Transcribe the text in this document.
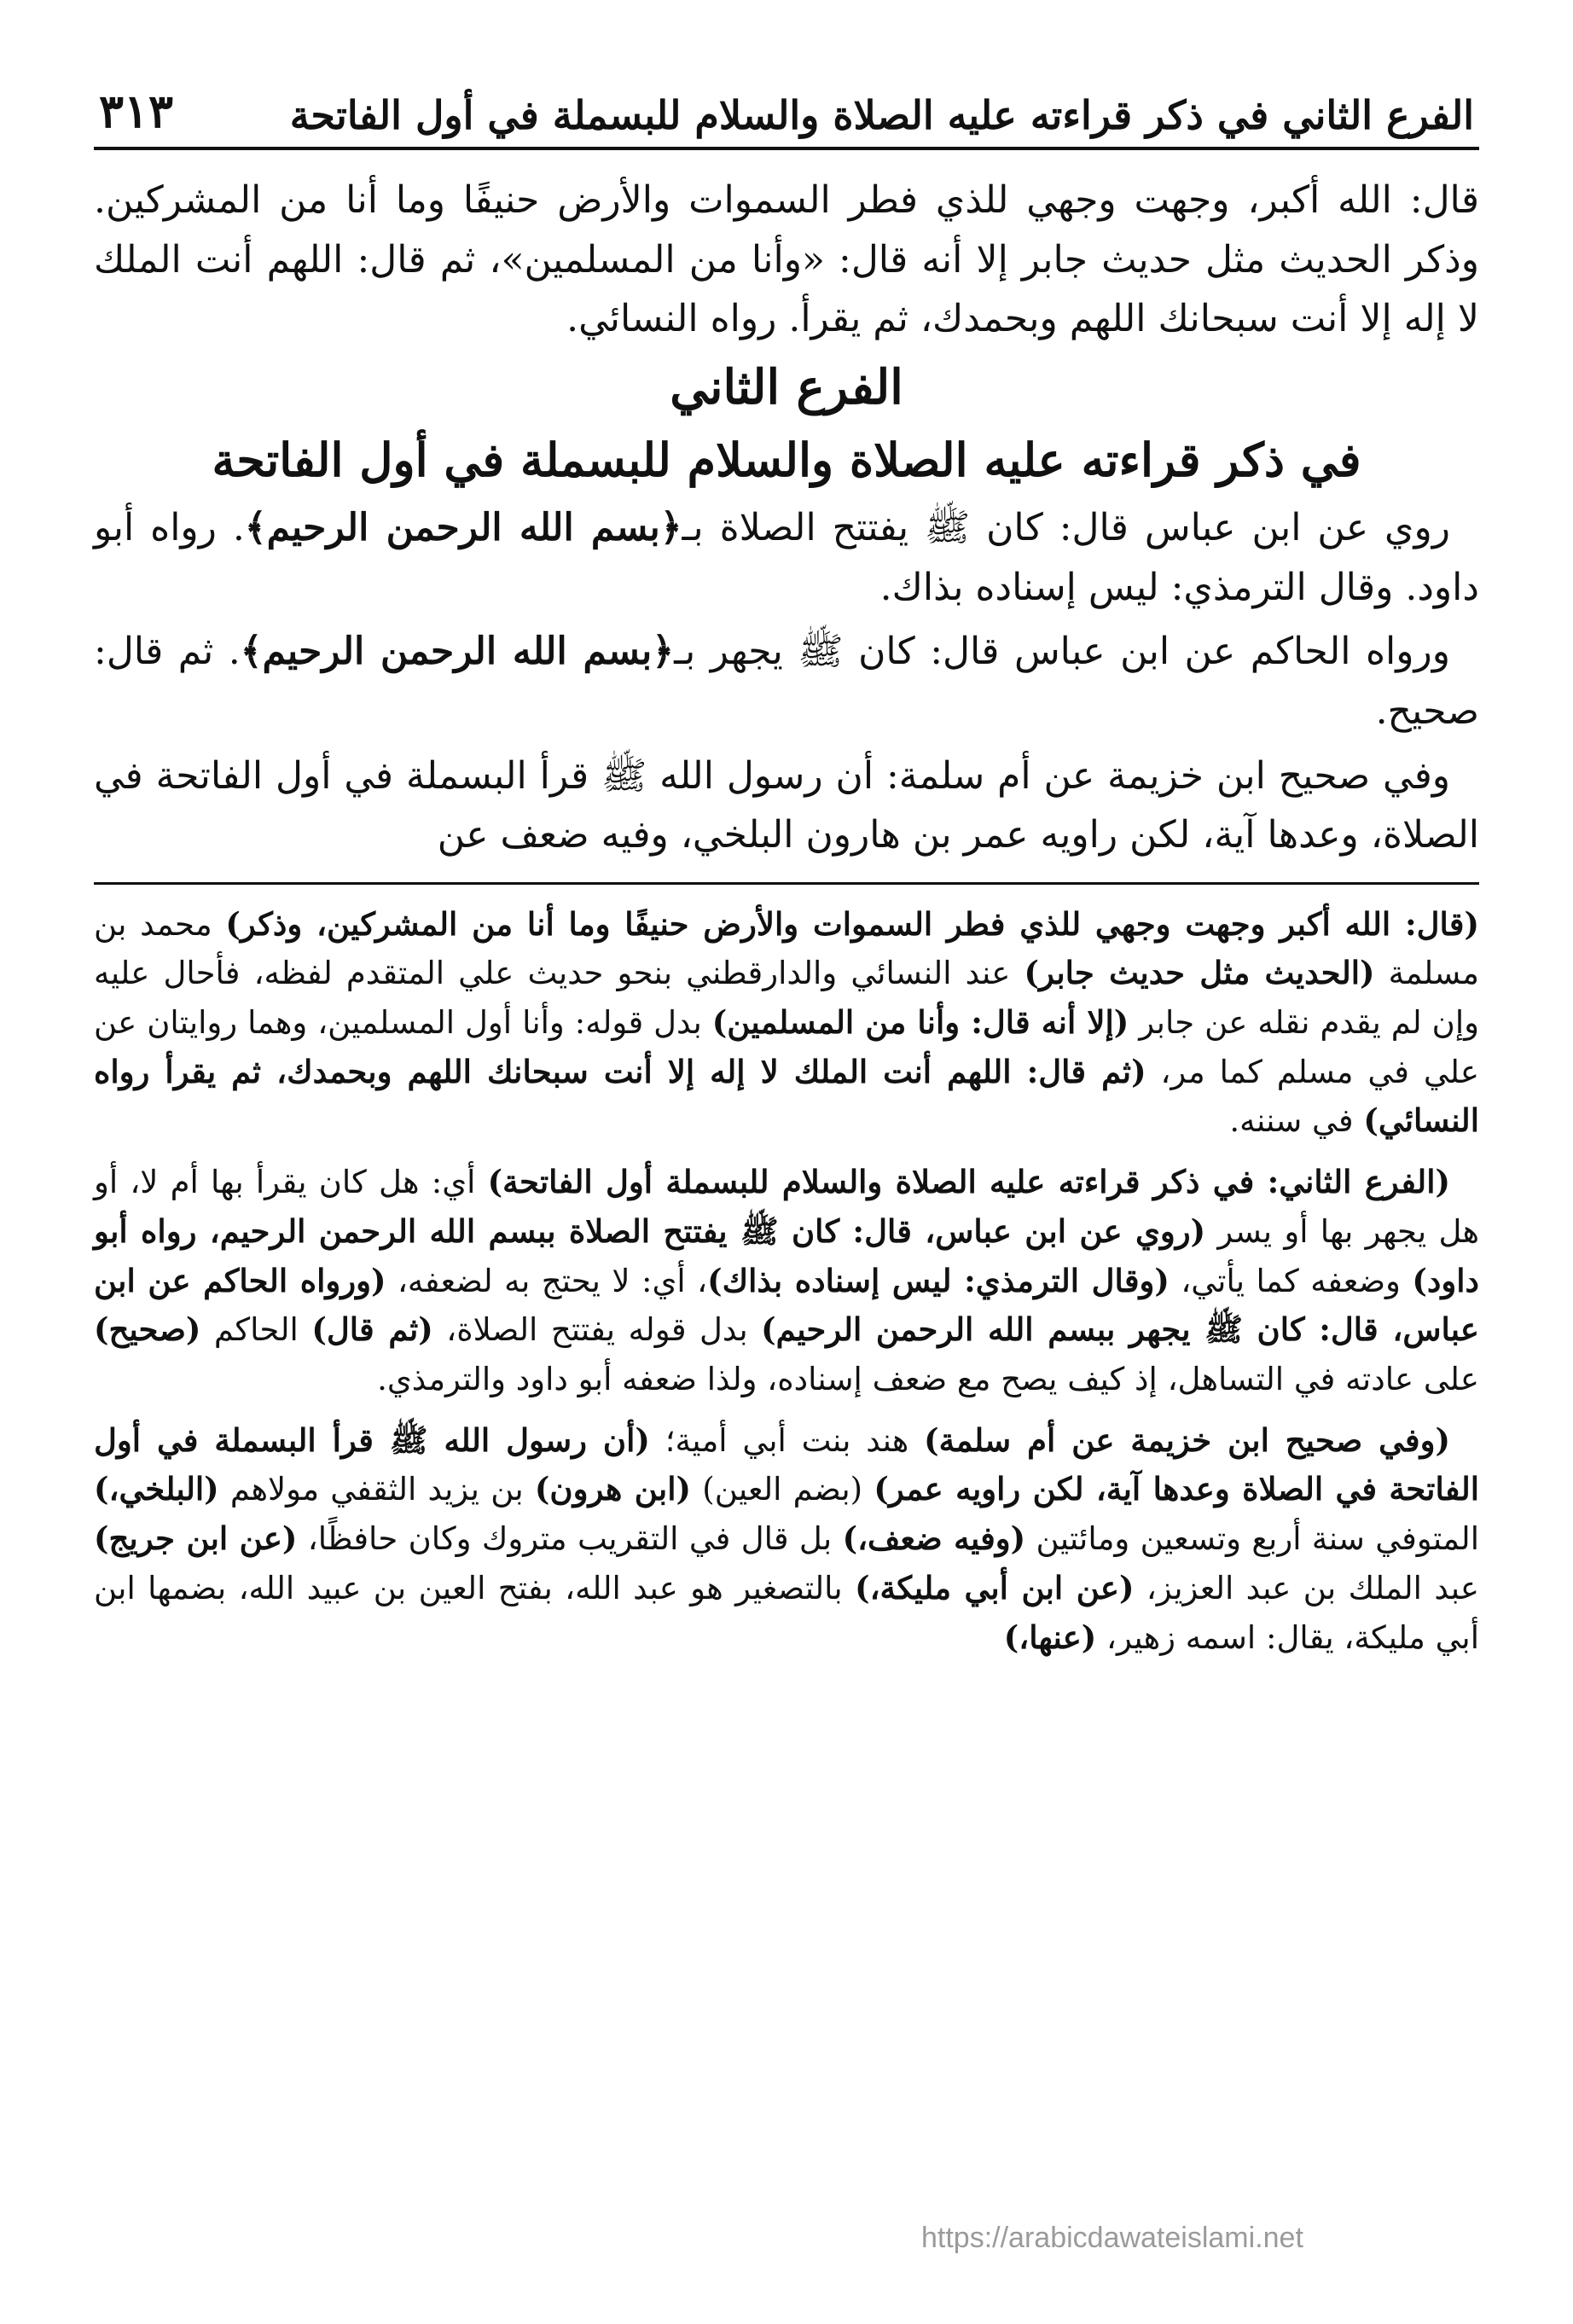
الفرع الثاني في ذكر قراءته عليه الصلاة والسلام للبسملة في أول الفاتحة
٣١٣

قال: الله أكبر، وجهت وجهي للذي فطر السموات والأرض حنيفًا وما أنا من المشركين. وذكر الحديث مثل حديث جابر إلا أنه قال: «وأنا من المسلمين»، ثم قال: اللهم أنت الملك لا إله إلا أنت سبحانك اللهم وبحمدك، ثم يقرأ. رواه النسائي.

الفرع الثاني
في ذكر قراءته عليه الصلاة والسلام للبسملة في أول الفاتحة

روي عن ابن عباس قال: كان ﷺ يفتتح الصلاة بـ﴿بسم الله الرحمن الرحيم﴾. رواه أبو داود. وقال الترمذي: ليس إسناده بذاك.

ورواه الحاكم عن ابن عباس قال: كان ﷺ يجهر بـ﴿بسم الله الرحمن الرحيم﴾. ثم قال: صحيح.

وفي صحيح ابن خزيمة عن أم سلمة: أن رسول الله ﷺ قرأ البسملة في أول الفاتحة في الصلاة، وعدها آية، لكن راويه عمر بن هارون البلخي، وفيه ضعف عن

(قال: الله أكبر وجهت وجهي للذي فطر السموات والأرض حنيفًا وما أنا من المشركين، وذكر) محمد بن مسلمة (الحديث مثل حديث جابر) عند النسائي والدارقطني بنحو حديث علي المتقدم لفظه، فأحال عليه وإن لم يقدم نقله عن جابر (إلا أنه قال: وأنا من المسلمين) بدل قوله: وأنا أول المسلمين، وهما روايتان عن علي في مسلم كما مر، (ثم قال: اللهم أنت الملك لا إله إلا أنت سبحانك اللهم وبحمدك، ثم يقرأ رواه النسائي) في سننه.

(الفرع الثاني: في ذكر قراءته عليه الصلاة والسلام للبسملة أول الفاتحة) أي: هل كان يقرأ بها أم لا، أو هل يجهر بها أو يسر (روي عن ابن عباس، قال: كان ﷺ يفتتح الصلاة ببسم الله الرحمن الرحيم، رواه أبو داود) وضعفه كما يأتي، (وقال الترمذي: ليس إسناده بذاك)، أي: لا يحتج به لضعفه، (ورواه الحاكم عن ابن عباس، قال: كان ﷺ يجهر ببسم الله الرحمن الرحيم) بدل قوله يفتتح الصلاة، (ثم قال) الحاكم (صحيح) على عادته في التساهل، إذ كيف يصح مع ضعف إسناده، ولذا ضعفه أبو داود والترمذي.

(وفي صحيح ابن خزيمة عن أم سلمة) هند بنت أبي أمية؛ (أن رسول الله ﷺ قرأ البسملة في أول الفاتحة في الصلاة وعدها آية، لكن راويه عمر) (بضم العين) (ابن هرون) بن يزيد الثقفي مولاهم (البلخي،) المتوفي سنة أربع وتسعين ومائتين (وفيه ضعف،) بل قال في التقريب متروك وكان حافظًا، (عن ابن جريج) عبد الملك بن عبد العزيز، (عن ابن أبي مليكة،) بالتصغير هو عبد الله، بفتح العين بن عبيد الله، بضمها ابن أبي مليكة، يقال: اسمه زهير، (عنها،)

https://arabicdawateislami.net
